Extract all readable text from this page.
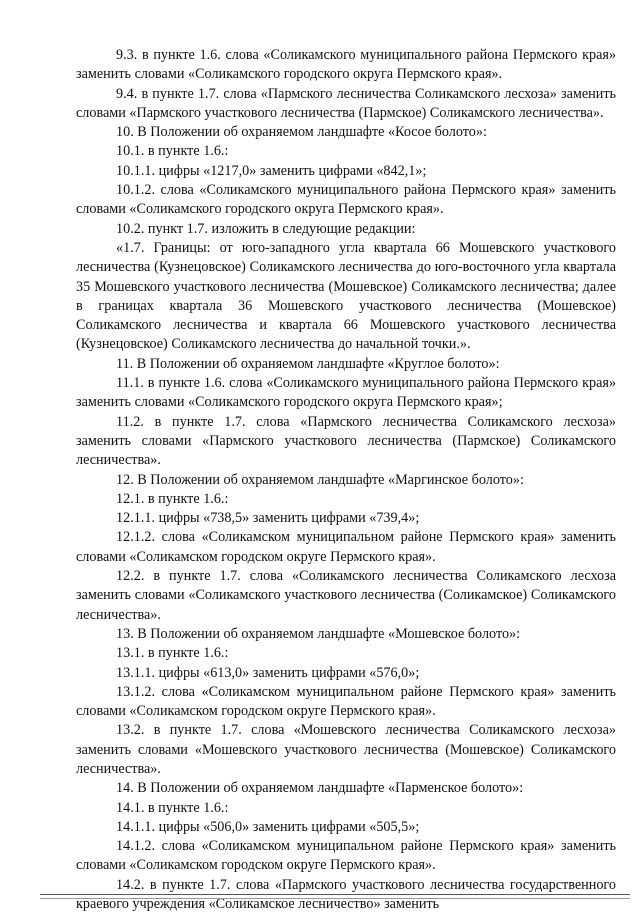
9.3. в пункте 1.6. слова «Соликамского муниципального района Пермского края» заменить словами «Соликамского городского округа Пермского края».

9.4. в пункте 1.7. слова «Пармского лесничества Соликамского лесхоза» заменить словами «Пармского участкового лесничества (Пармское) Соликамского лесничества».

10. В Положении об охраняемом ландшафте «Косое болото»:

10.1. в пункте 1.6.:

10.1.1. цифры «1217,0» заменить цифрами «842,1»;

10.1.2. слова «Соликамского муниципального района Пермского края» заменить словами «Соликамского городского округа Пермского края».

10.2. пункт 1.7. изложить в следующие редакции:

«1.7. Границы: от юго-западного угла квартала 66 Мошевского участкового лесничества (Кузнецовское) Соликамского лесничества до юго-восточного угла квартала 35 Мошевского участкового лесничества (Мошевское) Соликамского лесничества; далее в границах квартала 36 Мошевского участкового лесничества (Мошевское) Соликамского лесничества и квартала 66 Мошевского участкового лесничества (Кузнецовское) Соликамского лесничества до начальной точки.».

11. В Положении об охраняемом ландшафте «Круглое болото»:

11.1. в пункте 1.6. слова «Соликамского муниципального района Пермского края» заменить словами «Соликамского городского округа Пермского края»;

11.2. в пункте 1.7. слова «Пармского лесничества Соликамского лесхоза» заменить словами «Пармского участкового лесничества (Пармское) Соликамского лесничества».

12. В Положении об охраняемом ландшафте «Маргинское болото»:

12.1. в пункте 1.6.:

12.1.1. цифры «738,5» заменить цифрами «739,4»;

12.1.2. слова «Соликамском муниципальном районе Пермского края» заменить словами «Соликамском городском округе Пермского края».

12.2. в пункте 1.7. слова «Соликамского лесничества Соликамского лесхоза заменить словами «Соликамского участкового лесничества (Соликамское) Соликамского лесничества».

13. В Положении об охраняемом ландшафте «Мошевское болото»:

13.1. в пункте 1.6.:

13.1.1. цифры «613,0» заменить цифрами «576,0»;

13.1.2. слова «Соликамском муниципальном районе Пермского края» заменить словами «Соликамском городском округе Пермского края».

13.2. в пункте 1.7. слова «Мошевского лесничества Соликамского лесхоза» заменить словами «Мошевского участкового лесничества (Мошевское) Соликамского лесничества».

14. В Положении об охраняемом ландшафте «Парменское болото»:

14.1. в пункте 1.6.:

14.1.1. цифры «506,0» заменить цифрами «505,5»;

14.1.2. слова «Соликамском муниципальном районе Пермского края» заменить словами «Соликамском городском округе Пермского края».

14.2. в пункте 1.7. слова «Пармского участкового лесничества государственного краевого учреждения «Соликамское лесничество» заменить
